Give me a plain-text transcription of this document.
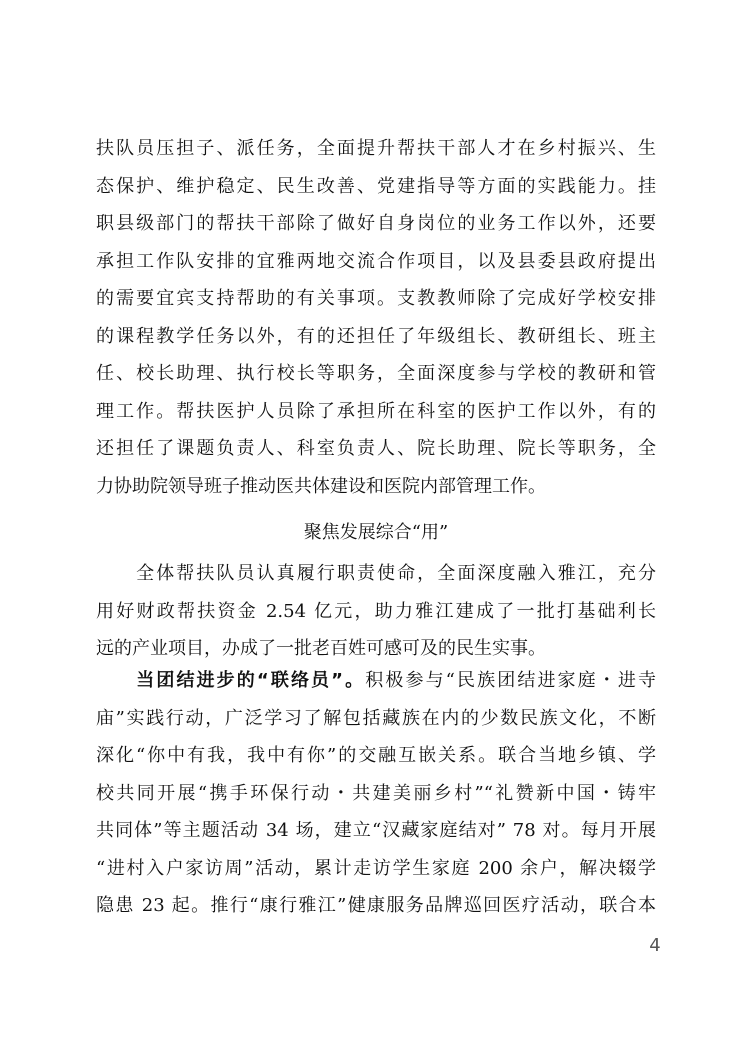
扶队员压担子、派任务，全面提升帮扶干部人才在乡村振兴、生
态保护、维护稳定、民生改善、党建指导等方面的实践能力。挂
职县级部门的帮扶干部除了做好自身岗位的业务工作以外，还要
承担工作队安排的宜雅两地交流合作项目，以及县委县政府提出
的需要宜宾支持帮助的有关事项。支教教师除了完成好学校安排
的课程教学任务以外，有的还担任了年级组长、教研组长、班主
任、校长助理、执行校长等职务，全面深度参与学校的教研和管
理工作。帮扶医护人员除了承担所在科室的医护工作以外，有的
还担任了课题负责人、科室负责人、院长助理、院长等职务，全
力协助院领导班子推动医共体建设和医院内部管理工作。
聚焦发展综合“用”
　　全体帮扶队员认真履行职责使命，全面深度融入雅江，充分
用好财政帮扶资金 2.54 亿元，助力雅江建成了一批打基础利长
远的产业项目，办成了一批老百姓可感可及的民生实事。
　　当团结进步的“联络员”。积极参与“民族团结进家庭・进寺
庙”实践行动，广泛学习了解包括藏族在内的少数民族文化，不断
深化“你中有我，我中有你”的交融互嵌关系。联合当地乡镇、学
校共同开展“携手环保行动・共建美丽乡村”“礼赞新中国・铸牢
共同体”等主题活动 34 场，建立“汉藏家庭结对” 78 对。每月开展
“进村入户家访周”活动，累计走访学生家庭 200 余户，解决辍学
隐患 23 起。推行“康行雅江”健康服务品牌巡回医疗活动，联合本
4
